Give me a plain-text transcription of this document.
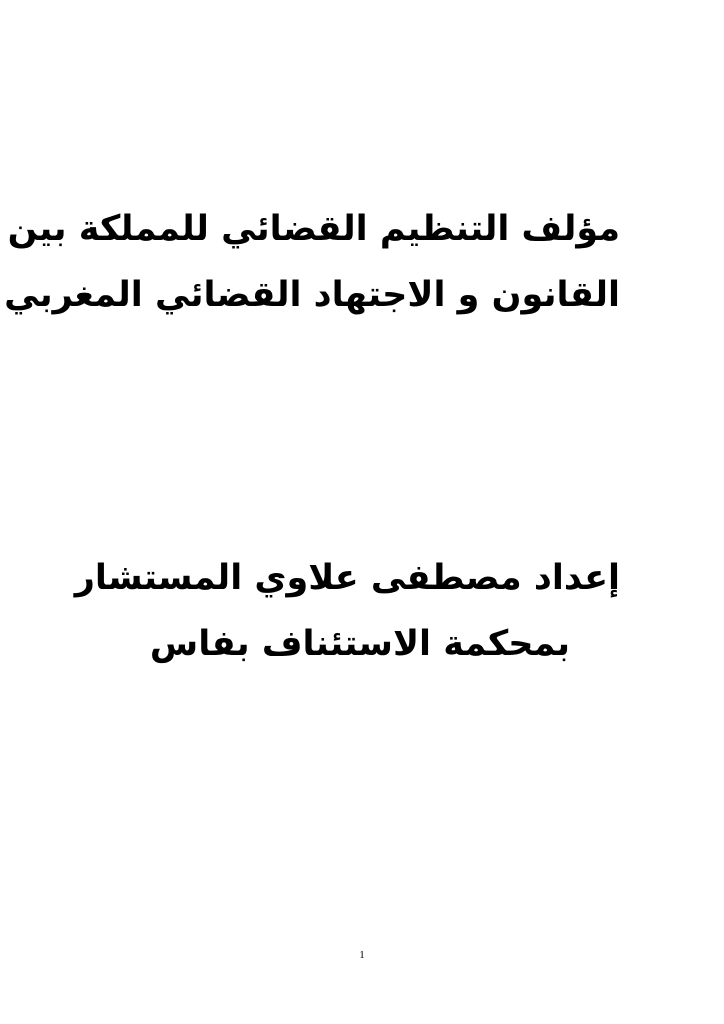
مؤلف التنظيم القضائي للمملكة بين
القانون و الاجتهاد القضائي المغربي
إعداد مصطفى علاوي المستشار
بمحكمة الاستئناف بفاس
1
